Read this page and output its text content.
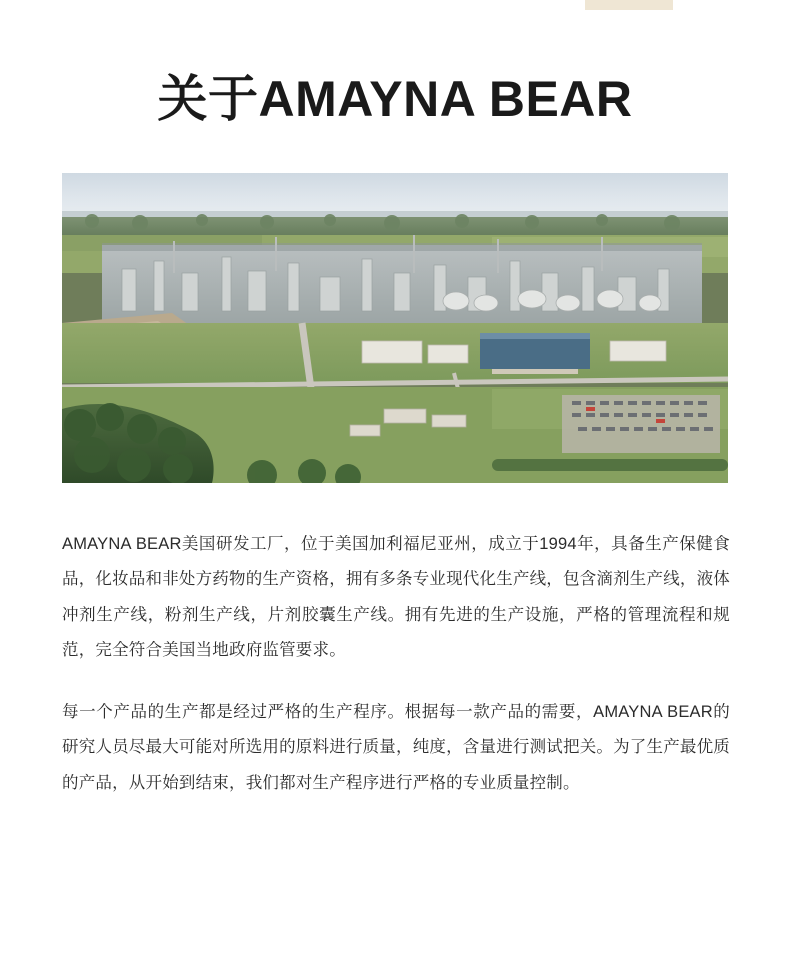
关于AMAYNA BEAR

AMAYNA BEAR美国研发工厂，位于美国加利福尼亚州，成立于1994年，具备生产保健食品，化妆品和非处方药物的生产资格，拥有多条专业现代化生产线，包含滴剂生产线，液体冲剂生产线，粉剂生产线，片剂胶囊生产线。拥有先进的生产设施，严格的管理流程和规范，完全符合美国当地政府监管要求。

每一个产品的生产都是经过严格的生产程序。根据每一款产品的需要，AMAYNA BEAR的研究人员尽最大可能对所选用的原料进行质量，纯度，含量进行测试把关。为了生产最优质的产品，从开始到结束，我们都对生产程序进行严格的专业质量控制。
